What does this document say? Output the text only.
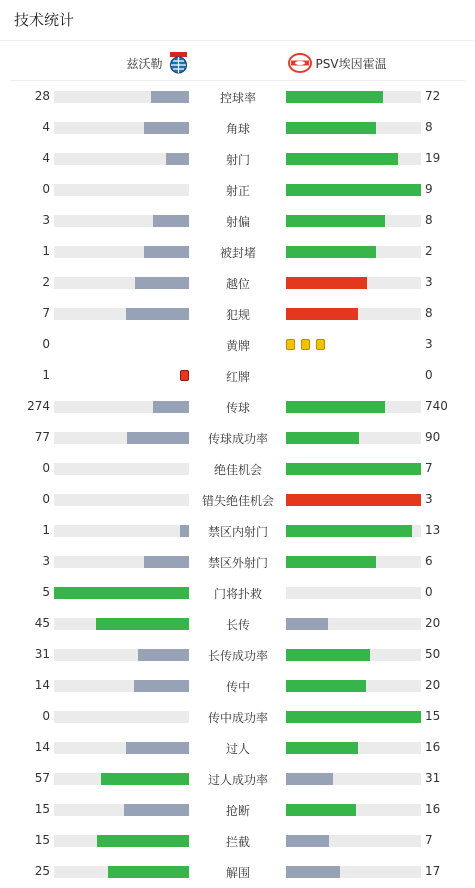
技术统计
兹沃勒	PSV埃因霍温
28	控球率	72
4	角球	8
4	射门	19
0	射正	9
3	射偏	8
1	被封堵	2
2	越位	3
7	犯规	8
0	黄牌	3
1	红牌	0
274	传球	740
77	传球成功率	90
0	绝佳机会	7
0	错失绝佳机会	3
1	禁区内射门	13
3	禁区外射门	6
5	门将扑救	0
45	长传	20
31	长传成功率	50
14	传中	20
0	传中成功率	15
14	过人	16
57	过人成功率	31
15	抢断	16
15	拦截	7
25	解围	17
